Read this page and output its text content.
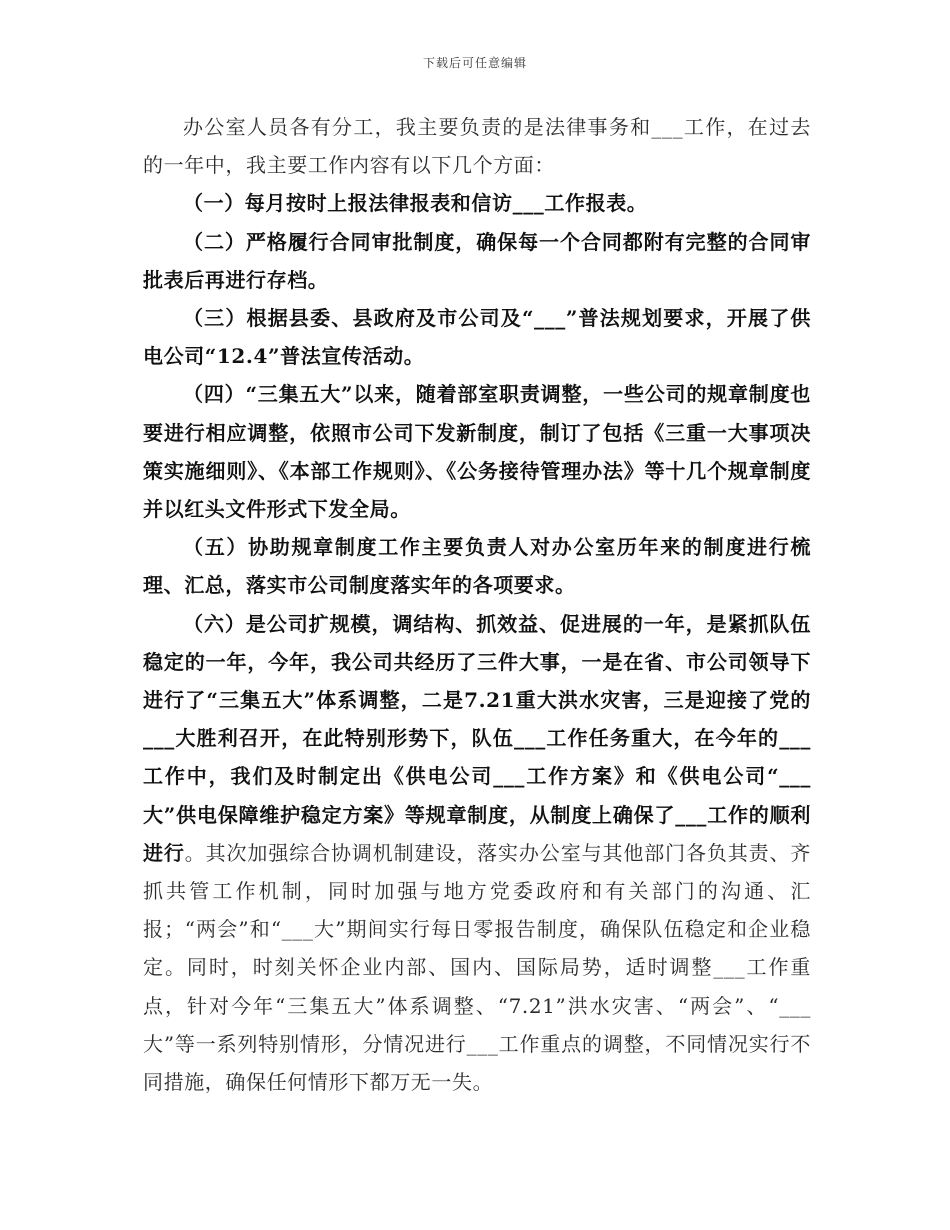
下载后可任意编辑

办公室人员各有分工，我主要负责的是法律事务和___工作，在过去的一年中，我主要工作内容有以下几个方面：

（一）每月按时上报法律报表和信访___工作报表。

（二）严格履行合同审批制度，确保每一个合同都附有完整的合同审批表后再进行存档。

（三）根据县委、县政府及市公司及“___”普法规划要求，开展了供电公司“12.4”普法宣传活动。

（四）“三集五大”以来，随着部室职责调整，一些公司的规章制度也要进行相应调整，依照市公司下发新制度，制订了包括《三重一大事项决策实施细则》、《本部工作规则》、《公务接待管理办法》等十几个规章制度并以红头文件形式下发全局。

（五）协助规章制度工作主要负责人对办公室历年来的制度进行梳理、汇总，落实市公司制度落实年的各项要求。

（六）是公司扩规模，调结构、抓效益、促进展的一年，是紧抓队伍稳定的一年，今年，我公司共经历了三件大事，一是在省、市公司领导下进行了“三集五大”体系调整，二是7.21重大洪水灾害，三是迎接了党的___大胜利召开，在此特别形势下，队伍___工作任务重大，在今年的___工作中，我们及时制定出《供电公司___工作方案》和《供电公司“___大”供电保障维护稳定方案》等规章制度，从制度上确保了___工作的顺利进行。其次加强综合协调机制建设，落实办公室与其他部门各负其责、齐抓共管工作机制，同时加强与地方党委政府和有关部门的沟通、汇报；“两会”和“___大”期间实行每日零报告制度，确保队伍稳定和企业稳定。同时，时刻关怀企业内部、国内、国际局势，适时调整___工作重点，针对今年“三集五大”体系调整、“7.21”洪水灾害、“两会”、“___大”等一系列特别情形，分情况进行___工作重点的调整，不同情况实行不同措施，确保任何情形下都万无一失。
